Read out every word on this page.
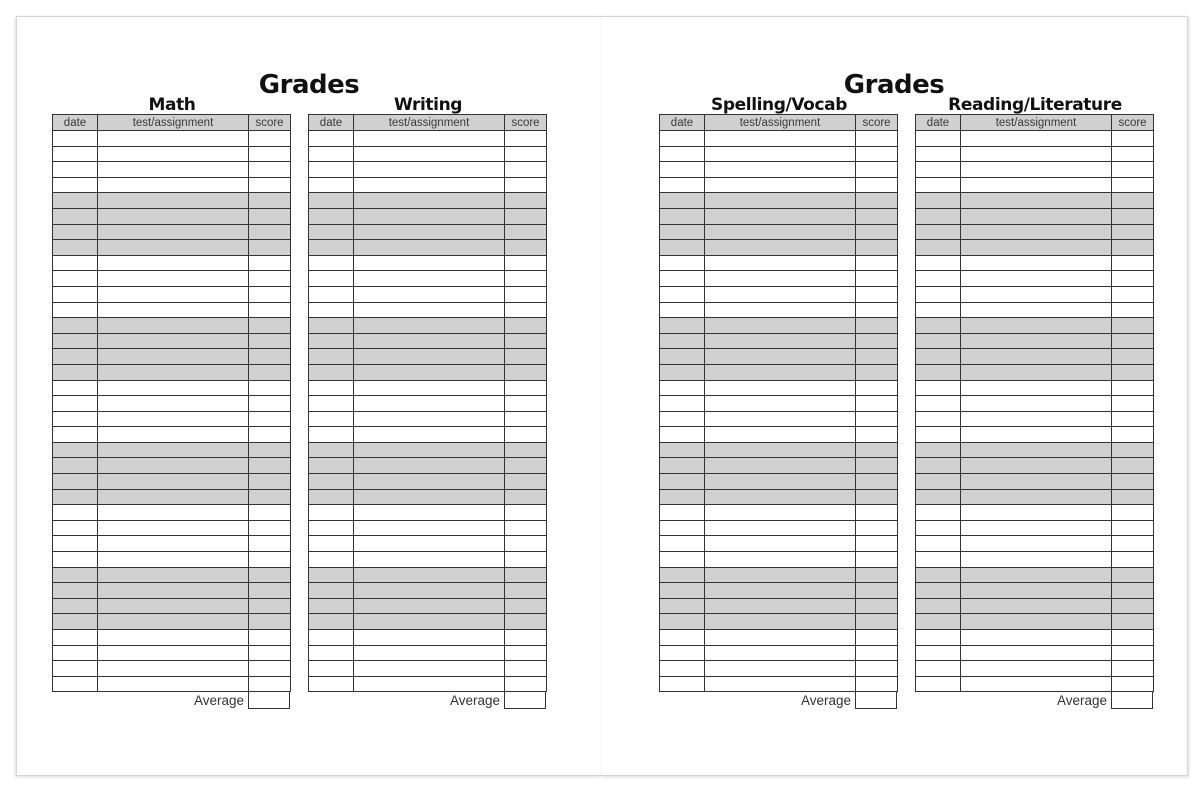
Grades
Math
date	test/assignment	score

Average
Writing
date	test/assignment	score

Average
Grades
Spelling/Vocab
date	test/assignment	score

Average
Reading/Literature
date	test/assignment	score

Average
